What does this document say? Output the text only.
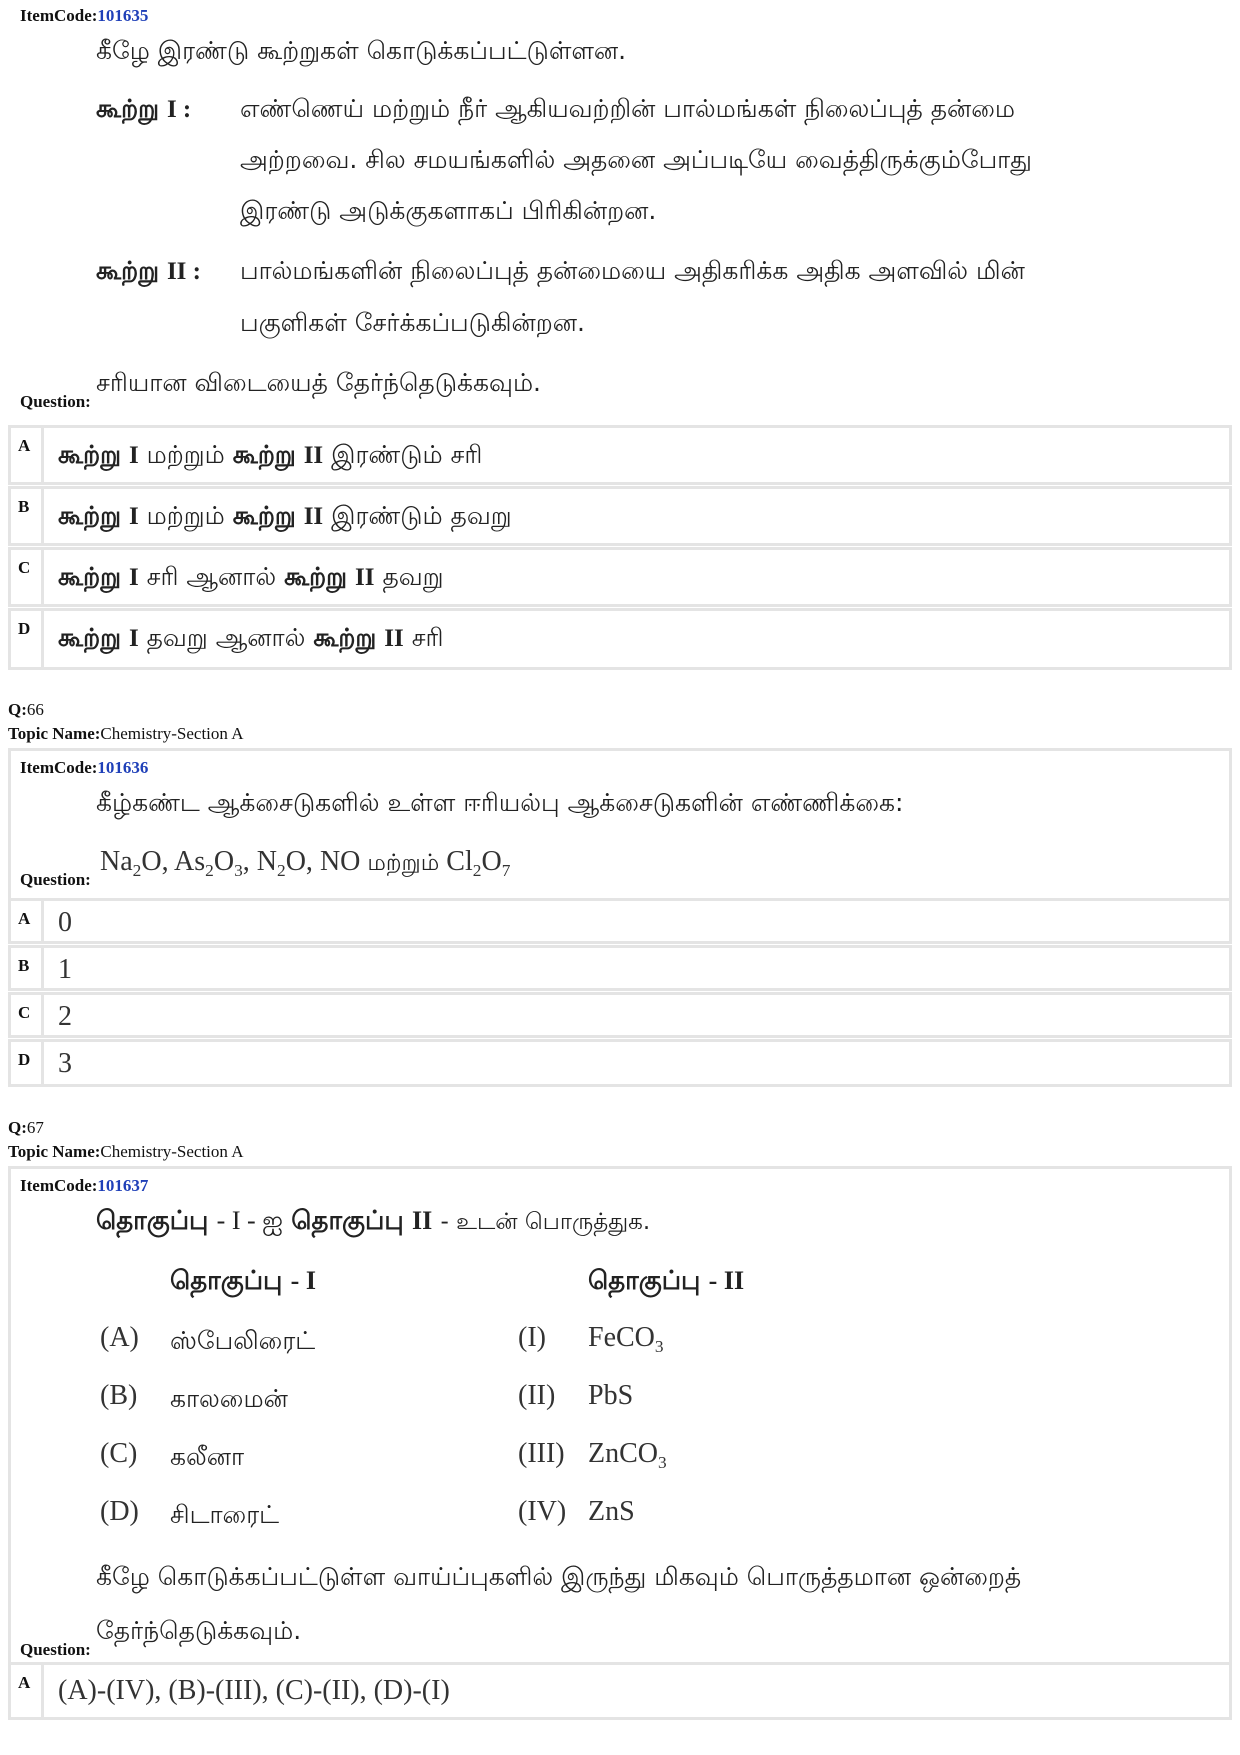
ItemCode:101635
கீழே இரண்டு கூற்றுகள் கொடுக்கப்பட்டுள்ளன.
கூற்று I : எண்ணெய் மற்றும் நீர் ஆகியவற்றின் பால்மங்கள் நிலைப்புத் தன்மை
அற்றவை. சில சமயங்களில் அதனை அப்படியே வைத்திருக்கும்போது
இரண்டு அடுக்குகளாகப் பிரிகின்றன.
கூற்று II : பால்மங்களின் நிலைப்புத் தன்மையை அதிகரிக்க அதிக அளவில் மின்
பகுளிகள் சேர்க்கப்படுகின்றன.
சரியான விடையைத் தேர்ந்தெடுக்கவும்.
Question:
A கூற்று I மற்றும் கூற்று II இரண்டும் சரி
B கூற்று I மற்றும் கூற்று II இரண்டும் தவறு
C கூற்று I சரி ஆனால் கூற்று II தவறு
D கூற்று I தவறு ஆனால் கூற்று II சரி
Q:66
Topic Name:Chemistry-Section A
ItemCode:101636
கீழ்கண்ட ஆக்சைடுகளில் உள்ள ஈரியல்பு ஆக்சைடுகளின் எண்ணிக்கை:
$Na_2O$, $As_2O_3$, $N_2O$, NO மற்றும் $Cl_2O_7$
Question:
A 0
B 1
C 2
D 3
Q:67
Topic Name:Chemistry-Section A
ItemCode:101637
தொகுப்பு - I - ஐ தொகுப்பு II - உடன் பொருத்துக.
தொகுப்பு - I	தொகுப்பு - II
(A) ஸ்பேலிரைட்	(I) FeCO$_3$
(B) காலமைன்	(II) PbS
(C) கலீனா	(III) ZnCO$_3$
(D) சிடாரைட்	(IV) ZnS
கீழே கொடுக்கப்பட்டுள்ள வாய்ப்புகளில் இருந்து மிகவும் பொருத்தமான ஒன்றைத்
தேர்ந்தெடுக்கவும்.
Question:
A (A)-(IV), (B)-(III), (C)-(II), (D)-(I)
